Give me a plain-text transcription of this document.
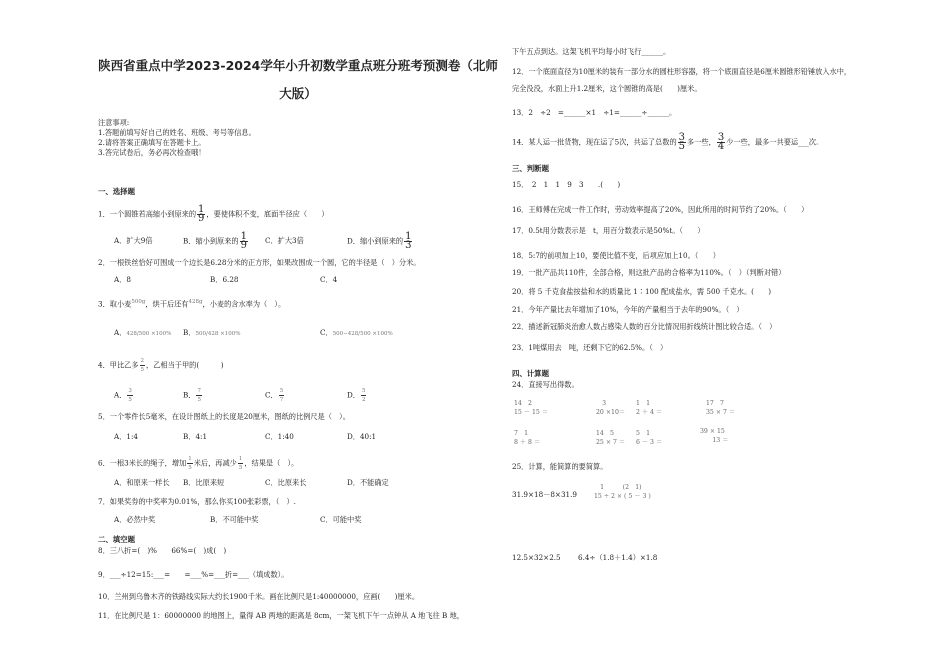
陕西省重点中学2023-2024学年小升初数学重点班分班考预测卷（北师大版）
注意事项:
1.答题前填写好自己的姓名、班级、考号等信息。
2.请将答案正确填写在答题卡上。
3.答完试卷后，务必再次检查哦！
一、选择题
1．一个圆锥若高缩小到原来的 $\frac{1}{9}$ ，要使体积不变，底面半径应（　　）
A．扩大9倍	B．缩小到原来的 $\frac{1}{9}$ C．扩大3倍	D．缩小到原来的 $\frac{1}{3}$
2．一根铁丝恰好可围成一个边长是6.28分米的正方形，如果改围成一个圆，它的半径是（　）分米。
A．8	B．6.28	C．4
3．取小麦$^{500g}$，烘干后还有$^{428g}$，小麦的含水率为（　）。
A．428/500 ×100% B．500/428 ×100%	C．500−428/500 ×100%
4．甲比乙多 $\frac{2}{5}$ ，乙相当于甲的(　　　)
A． $\frac{3}{5}$	B． $\frac{7}{5}$	C． $\frac{5}{7}$	D． $\frac{5}{2}$
5．一个零件长5毫米，在设计图纸上的长度是20厘米，图纸的比例尺是（　）。
A．1:4	B．4:1	C．1:40	D．40:1
6．一根3米长的绳子，增加 $\frac{1}{5}$ 米后，再减少 $\frac{1}{5}$ ，结果是（　）。
A．和原来一样长 B．比原来短	C．比原来长	D．不能确定
7．如果奖券的中奖率为0.01%，那么你买100张彩票，（　）.
A．必然中奖	B．不可能中奖	C．可能中奖
二、填空题
8．三八折=(　)%　　66%=(　)成(　)
9．___÷12=15:___=　　=___%=___折=___（填成数）。
10．兰州到乌鲁木齐的铁路线实际大约长1900千米。画在比例尺是1:40000000，应画(　　)厘米。
11．在比例尺是 1：60000000 的地图上，量得 AB 两地的距离是 8cm，一架飞机下午一点钟从 A 地飞往 B 地，
下午五点到达。这架飞机平均每小时飞行______。
12．一个底面直径为10厘米的装有一部分水的圆柱形容器，将一个底面直径是6厘米圆锥形铅锤放入水中，
完全没没，水面上升1.2厘米，这个圆锥的高是(　　)厘米。
13．2　÷2　=______×1　÷1=______÷______。
14．某人运一批货物，现在运了5次，共运了总数的 $\frac{3}{5}$ 多一些， $\frac{3}{4}$ 少一些，最多一共要运___次.
三、判断题
15．　2　1　1　9　3　　.(　　)
16．王师傅在完成一件工作时，劳动效率提高了20%，因此所用的时间节约了20%。（　　）
17．0.5t用分数表示是　t，用百分数表示是50%t。（　　）
18．5:7的前项加上10，要使比值不变，后项应加上10。（　　）
19．一批产品共110件，全部合格，则这批产品的合格率为110%。（　）（判断对错）
20．将 5 千克食盐按盐和水的质量比 1∶100 配成盐水，需 500 千克水。(　　)
21．今年产量比去年增加了10%，今年的产量相当于去年的90%。（　）
22．描述新冠肺炎治愈人数占感染人数的百分比情况用折线统计图比较合适。（　）
23．1吨煤用去　吨，还剩下它的62.5%。（　）
四、计算题
24．直接写出得数。
14　2
15 － 15 ＝
　3
20 ×10＝
1　1
2 ＋ 4 ＝
17　7
35 × 7 ＝
7　1
8 ＋ 8 ＝
14　5
25 × 7 ＝
5　1
6 － 3 ＝
39 × 15
　　13 ＝
25．计算，能简算的要简算。
31.9×18－8×31.9
　1　　　(2　1)
15 ÷ 2 × ( 5 － 3 )
12.5×32×2.5 6.4÷（1.8＋1.4）×1.8
